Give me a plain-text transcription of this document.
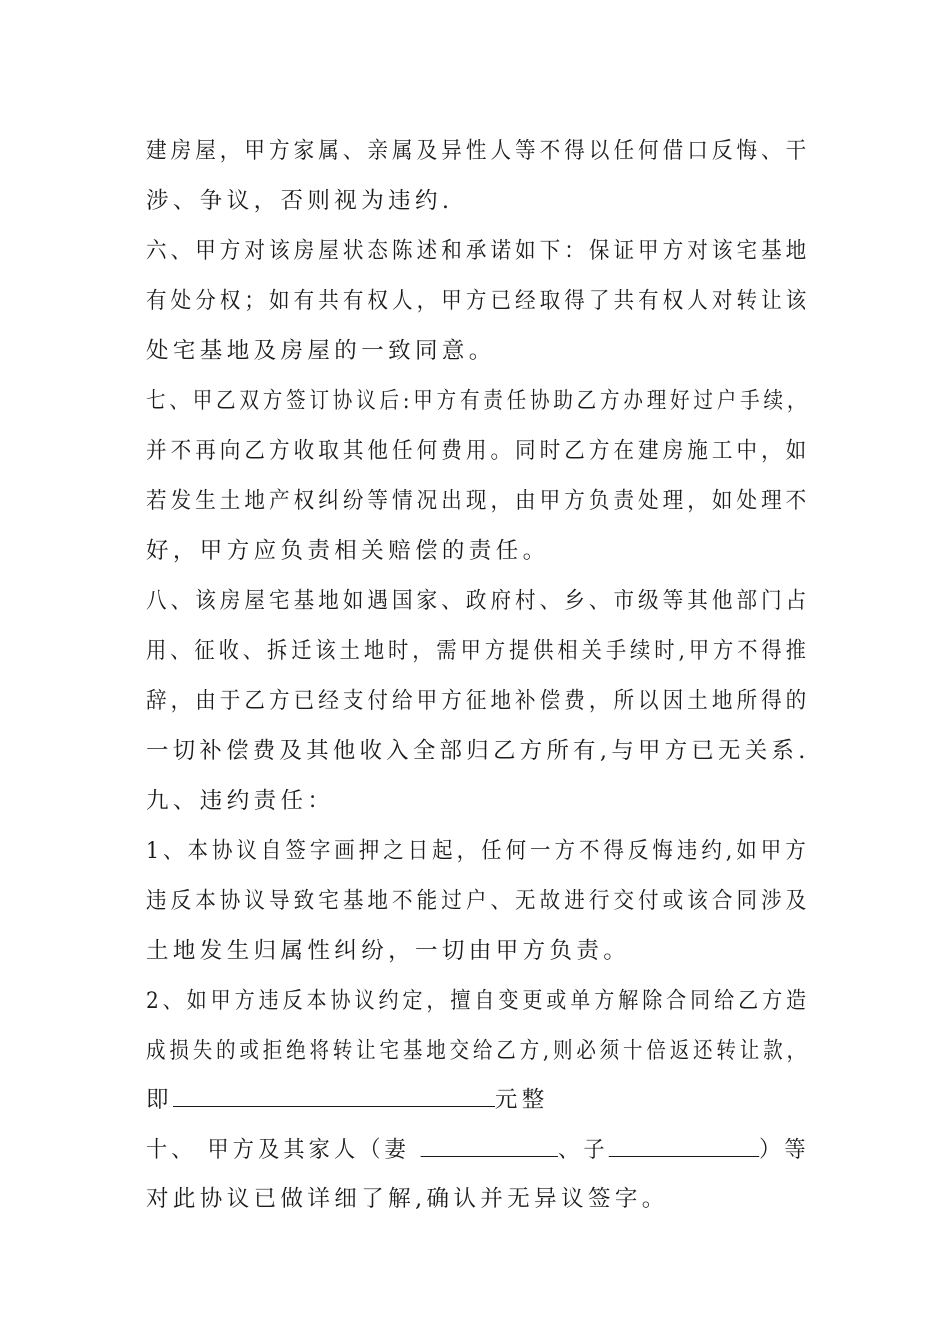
建房屋，甲方家属、亲属及异性人等不得以任何借口反悔、干
涉、争议，否则视为违约.
六、甲方对该房屋状态陈述和承诺如下：保证甲方对该宅基地
有处分权；如有共有权人，甲方已经取得了共有权人对转让该
处宅基地及房屋的一致同意。
七、甲乙双方签订协议后:甲方有责任协助乙方办理好过户手续，
并不再向乙方收取其他任何费用。同时乙方在建房施工中，如
若发生土地产权纠纷等情况出现，由甲方负责处理，如处理不
好，甲方应负责相关赔偿的责任。
八、该房屋宅基地如遇国家、政府村、乡、市级等其他部门占
用、征收、拆迁该土地时，需甲方提供相关手续时,甲方不得推
辞，由于乙方已经支付给甲方征地补偿费，所以因土地所得的
一切补偿费及其他收入全部归乙方所有,与甲方已无关系.
九、违约责任：
1、本协议自签字画押之日起，任何一方不得反悔违约,如甲方
违反本协议导致宅基地不能过户、无故进行交付或该合同涉及
土地发生归属性纠纷，一切由甲方负责。
2、如甲方违反本协议约定，擅自变更或单方解除合同给乙方造
成损失的或拒绝将转让宅基地交给乙方,则必须十倍返还转让款，
即	元整
十、 甲方及其家人（妻	、子	）等
对此协议已做详细了解,确认并无异议签字。
